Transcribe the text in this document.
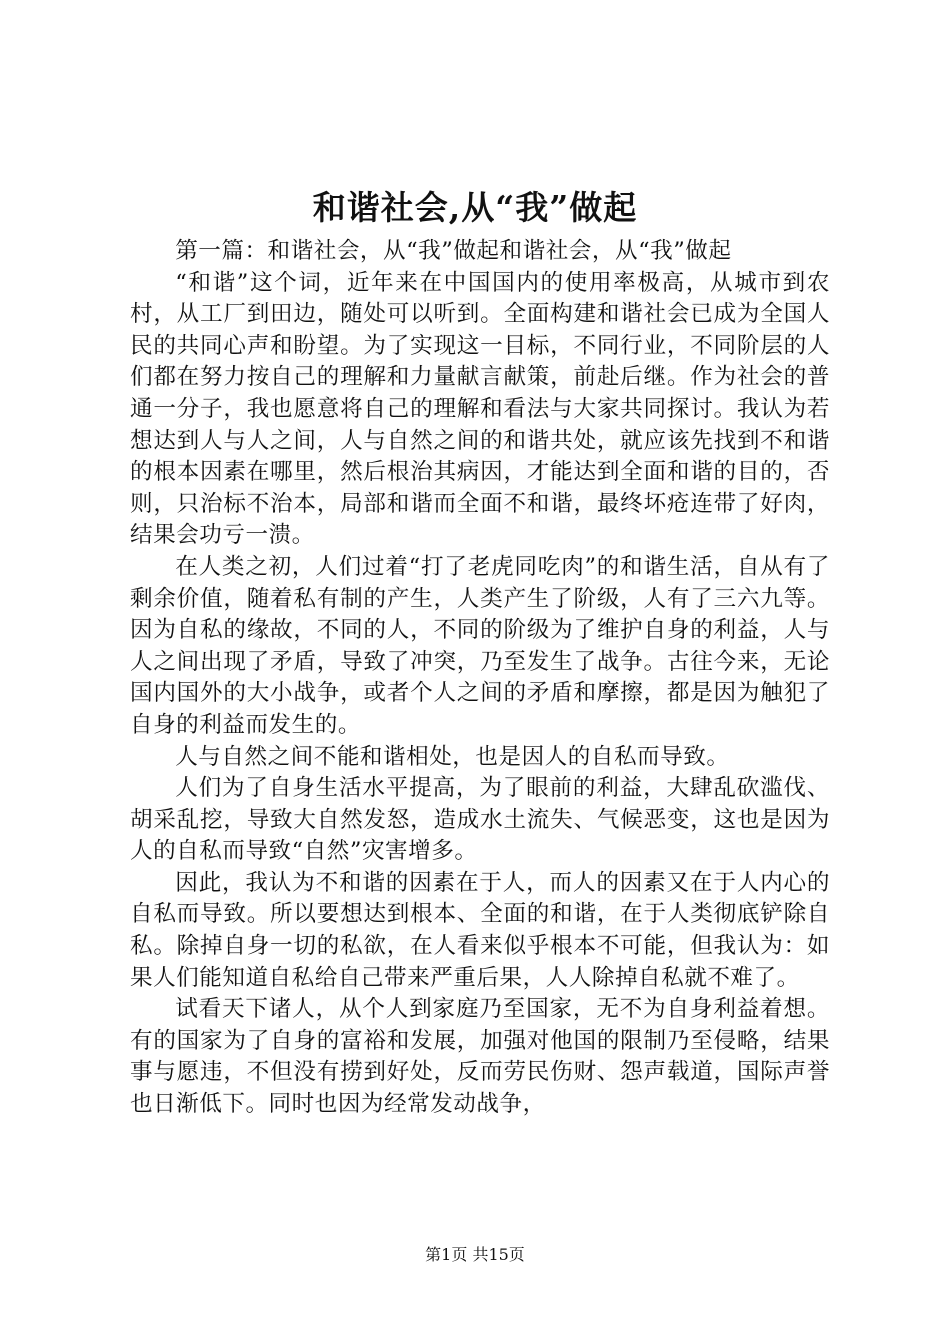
和谐社会,从“我”做起

第一篇：和谐社会，从“我”做起和谐社会，从“我”做起

“和谐”这个词，近年来在中国国内的使用率极高，从城市到农村，从工厂到田边，随处可以听到。全面构建和谐社会已成为全国人民的共同心声和盼望。为了实现这一目标，不同行业，不同阶层的人们都在努力按自己的理解和力量献言献策，前赴后继。作为社会的普通一分子，我也愿意将自己的理解和看法与大家共同探讨。我认为若想达到人与人之间，人与自然之间的和谐共处，就应该先找到不和谐的根本因素在哪里，然后根治其病因，才能达到全面和谐的目的，否则，只治标不治本，局部和谐而全面不和谐，最终坏疮连带了好肉，结果会功亏一溃。

在人类之初，人们过着“打了老虎同吃肉”的和谐生活，自从有了剩余价值，随着私有制的产生，人类产生了阶级，人有了三六九等。因为自私的缘故，不同的人，不同的阶级为了维护自身的利益，人与人之间出现了矛盾，导致了冲突，乃至发生了战争。古往今来，无论国内国外的大小战争，或者个人之间的矛盾和摩擦，都是因为触犯了自身的利益而发生的。

人与自然之间不能和谐相处，也是因人的自私而导致。

人们为了自身生活水平提高，为了眼前的利益，大肆乱砍滥伐、胡采乱挖，导致大自然发怒，造成水土流失、气候恶变，这也是因为人的自私而导致“自然”灾害增多。

因此，我认为不和谐的因素在于人，而人的因素又在于人内心的自私而导致。所以要想达到根本、全面的和谐，在于人类彻底铲除自私。除掉自身一切的私欲，在人看来似乎根本不可能，但我认为：如果人们能知道自私给自己带来严重后果，人人除掉自私就不难了。

试看天下诸人，从个人到家庭乃至国家，无不为自身利益着想。有的国家为了自身的富裕和发展，加强对他国的限制乃至侵略，结果事与愿违，不但没有捞到好处，反而劳民伤财、怨声载道，国际声誉也日渐低下。同时也因为经常发动战争，

第1页 共15页
